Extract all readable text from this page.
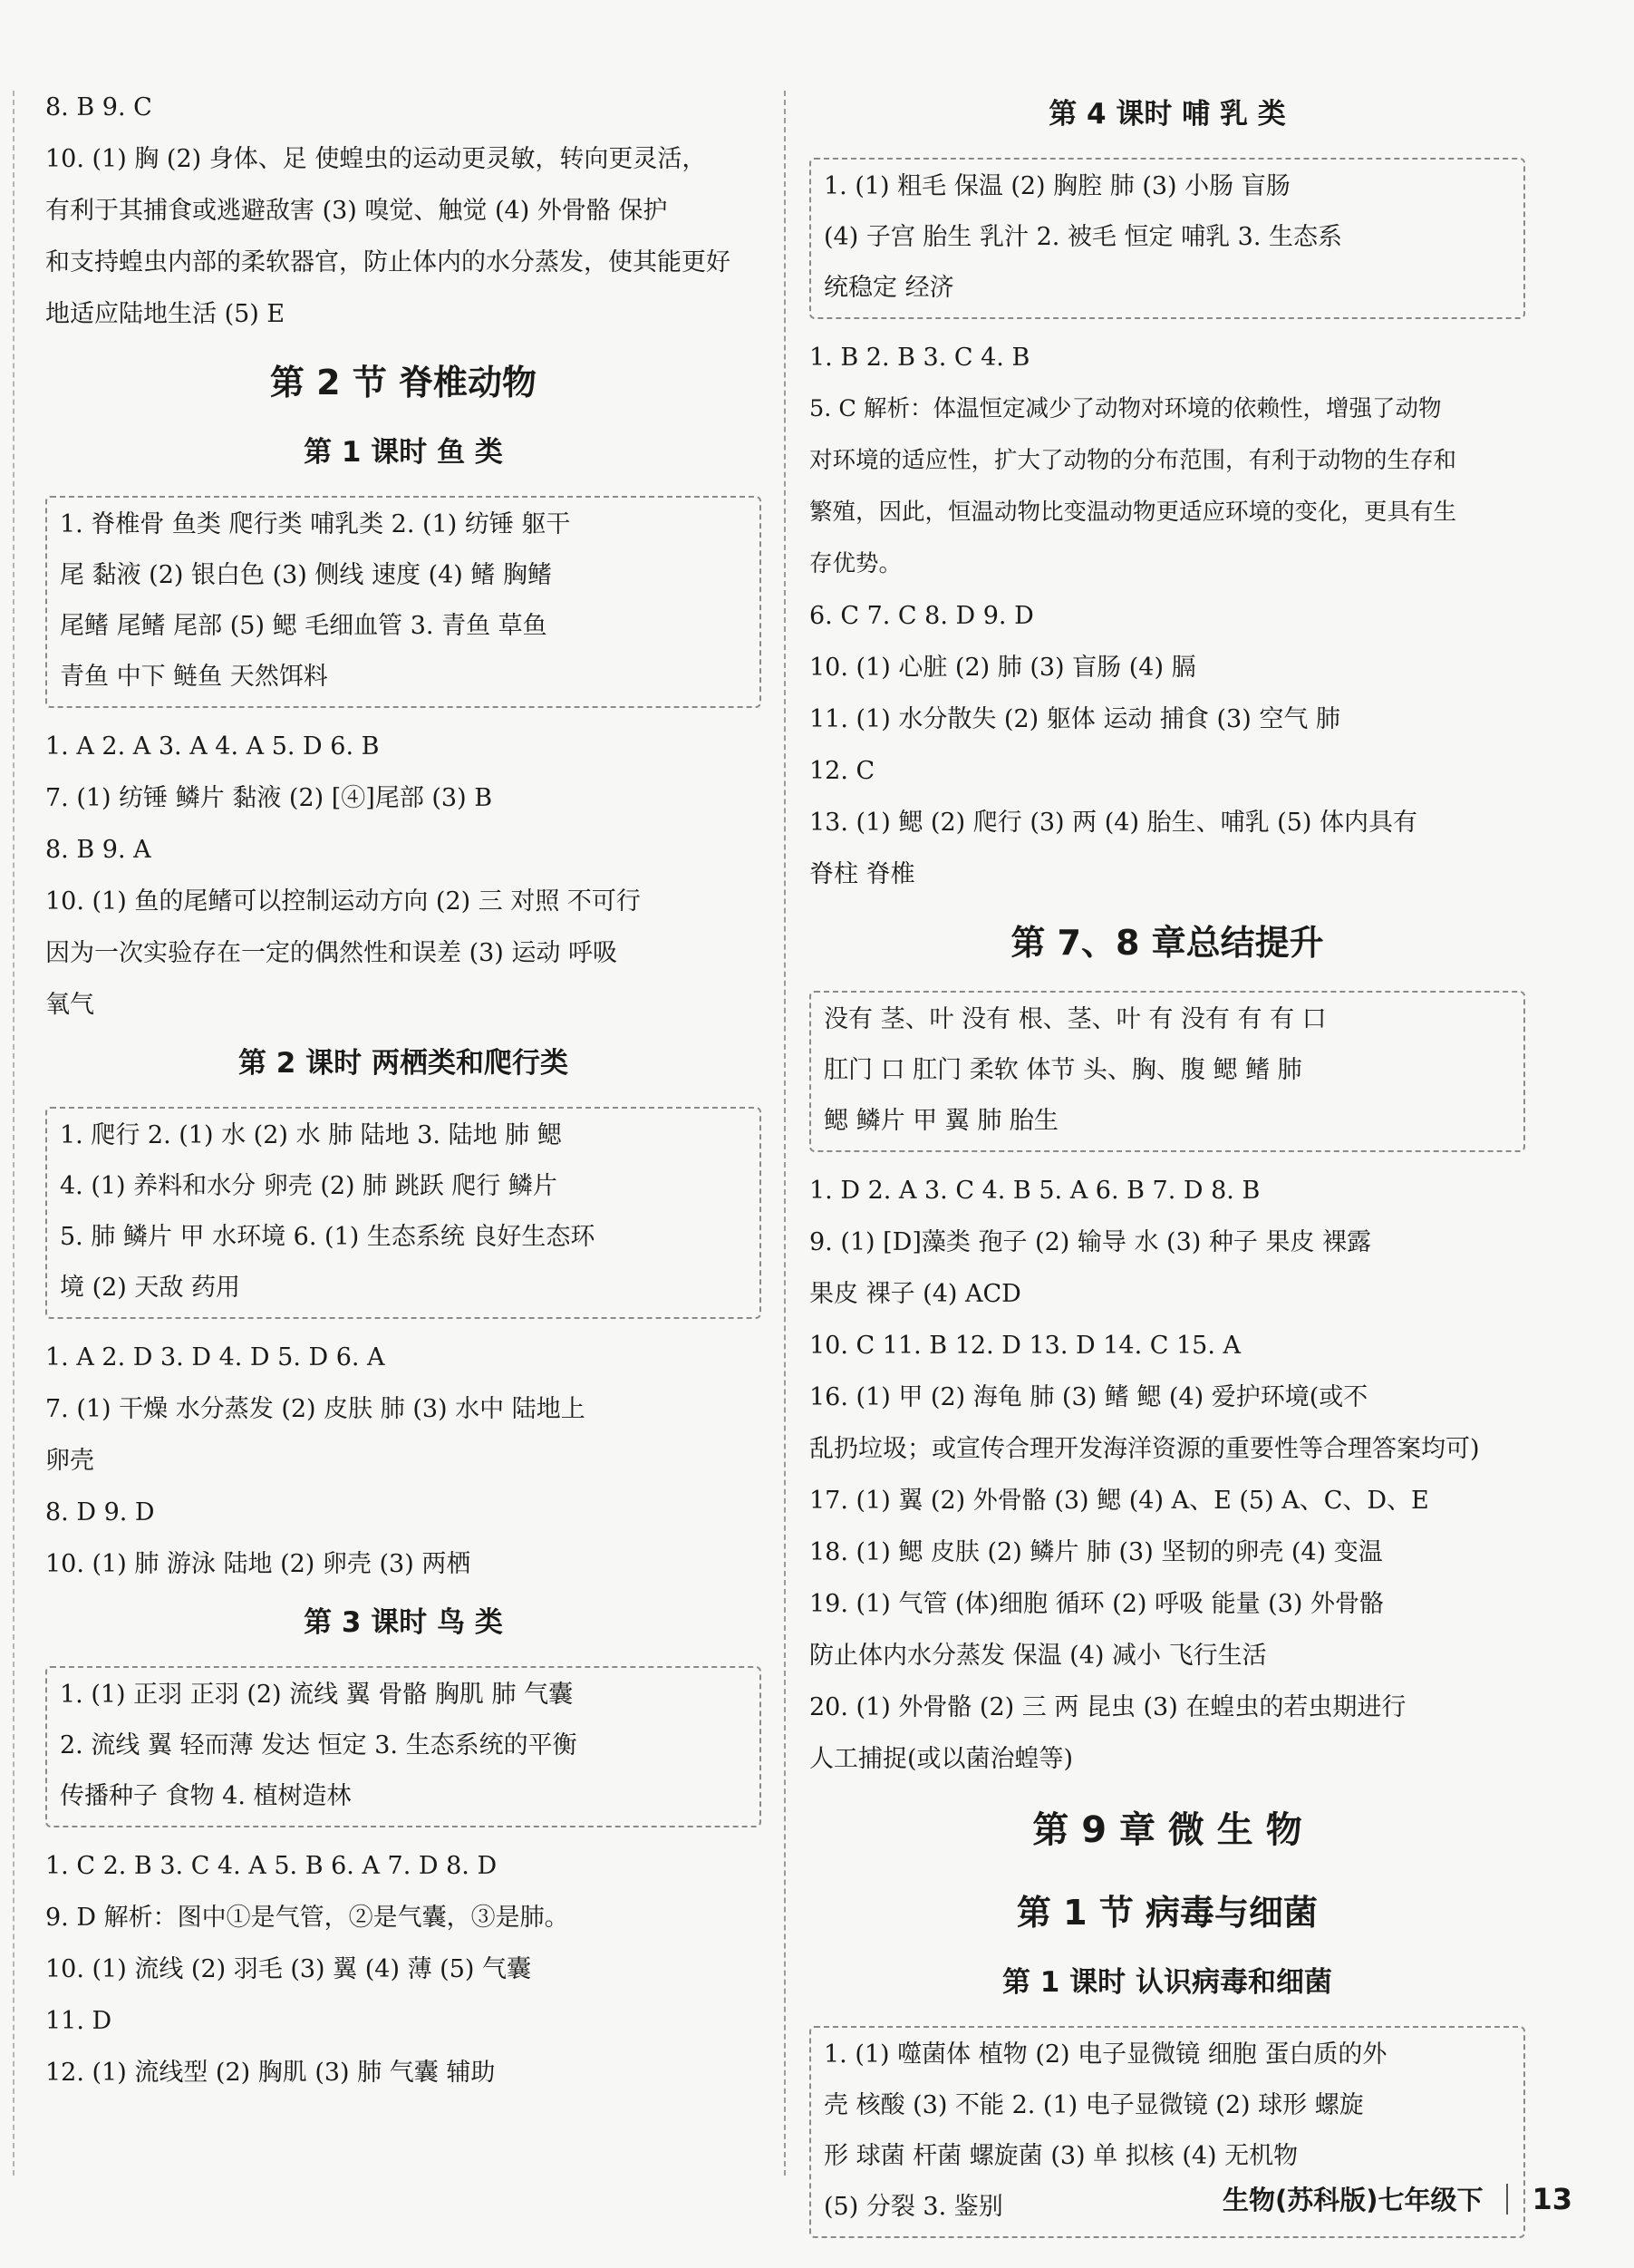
8. B 9. C
10. (1) 胸 (2) 身体、足 使蝗虫的运动更灵敏，转向更灵活，
有利于其捕食或逃避敌害 (3) 嗅觉、触觉 (4) 外骨骼 保护
和支持蝗虫内部的柔软器官，防止体内的水分蒸发，使其能更好
地适应陆地生活 (5) E
第 2 节 脊椎动物
第 1 课时 鱼 类
1. 脊椎骨 鱼类 爬行类 哺乳类 2. (1) 纺锤 躯干
尾 黏液 (2) 银白色 (3) 侧线 速度 (4) 鳍 胸鳍
尾鳍 尾鳍 尾部 (5) 鳃 毛细血管 3. 青鱼 草鱼
青鱼 中下 鲢鱼 天然饵料
1. A 2. A 3. A 4. A 5. D 6. B
7. (1) 纺锤 鳞片 黏液 (2) [④]尾部 (3) B
8. B 9. A
10. (1) 鱼的尾鳍可以控制运动方向 (2) 三 对照 不可行
因为一次实验存在一定的偶然性和误差 (3) 运动 呼吸
氧气
第 2 课时 两栖类和爬行类
1. 爬行 2. (1) 水 (2) 水 肺 陆地 3. 陆地 肺 鳃
4. (1) 养料和水分 卵壳 (2) 肺 跳跃 爬行 鳞片
5. 肺 鳞片 甲 水环境 6. (1) 生态系统 良好生态环
境 (2) 天敌 药用
1. A 2. D 3. D 4. D 5. D 6. A
7. (1) 干燥 水分蒸发 (2) 皮肤 肺 (3) 水中 陆地上
卵壳
8. D 9. D
10. (1) 肺 游泳 陆地 (2) 卵壳 (3) 两栖
第 3 课时 鸟 类
1. (1) 正羽 正羽 (2) 流线 翼 骨骼 胸肌 肺 气囊
2. 流线 翼 轻而薄 发达 恒定 3. 生态系统的平衡
传播种子 食物 4. 植树造林
1. C 2. B 3. C 4. A 5. B 6. A 7. D 8. D
9. D 解析：图中①是气管，②是气囊，③是肺。
10. (1) 流线 (2) 羽毛 (3) 翼 (4) 薄 (5) 气囊
11. D
12. (1) 流线型 (2) 胸肌 (3) 肺 气囊 辅助
第 4 课时 哺 乳 类
1. (1) 粗毛 保温 (2) 胸腔 肺 (3) 小肠 盲肠
(4) 子宫 胎生 乳汁 2. 被毛 恒定 哺乳 3. 生态系
统稳定 经济
1. B 2. B 3. C 4. B
5. C 解析：体温恒定减少了动物对环境的依赖性，增强了动物
对环境的适应性，扩大了动物的分布范围，有利于动物的生存和
繁殖，因此，恒温动物比变温动物更适应环境的变化，更具有生
存优势。
6. C 7. C 8. D 9. D
10. (1) 心脏 (2) 肺 (3) 盲肠 (4) 膈
11. (1) 水分散失 (2) 躯体 运动 捕食 (3) 空气 肺
12. C
13. (1) 鳃 (2) 爬行 (3) 两 (4) 胎生、哺乳 (5) 体内具有
脊柱 脊椎
第 7、8 章总结提升
没有 茎、叶 没有 根、茎、叶 有 没有 有 有 口
肛门 口 肛门 柔软 体节 头、胸、腹 鳃 鳍 肺
鳃 鳞片 甲 翼 肺 胎生
1. D 2. A 3. C 4. B 5. A 6. B 7. D 8. B
9. (1) [D]藻类 孢子 (2) 输导 水 (3) 种子 果皮 裸露
果皮 裸子 (4) ACD
10. C 11. B 12. D 13. D 14. C 15. A
16. (1) 甲 (2) 海龟 肺 (3) 鳍 鳃 (4) 爱护环境(或不
乱扔垃圾；或宣传合理开发海洋资源的重要性等合理答案均可)
17. (1) 翼 (2) 外骨骼 (3) 鳃 (4) A、E (5) A、C、D、E
18. (1) 鳃 皮肤 (2) 鳞片 肺 (3) 坚韧的卵壳 (4) 变温
19. (1) 气管 (体)细胞 循环 (2) 呼吸 能量 (3) 外骨骼
防止体内水分蒸发 保温 (4) 减小 飞行生活
20. (1) 外骨骼 (2) 三 两 昆虫 (3) 在蝗虫的若虫期进行
人工捕捉(或以菌治蝗等)
第 9 章 微 生 物
第 1 节 病毒与细菌
第 1 课时 认识病毒和细菌
1. (1) 噬菌体 植物 (2) 电子显微镜 细胞 蛋白质的外
壳 核酸 (3) 不能 2. (1) 电子显微镜 (2) 球形 螺旋
形 球菌 杆菌 螺旋菌 (3) 单 拟核 (4) 无机物
(5) 分裂 3. 鉴别	生物(苏科版)七年级下 13
